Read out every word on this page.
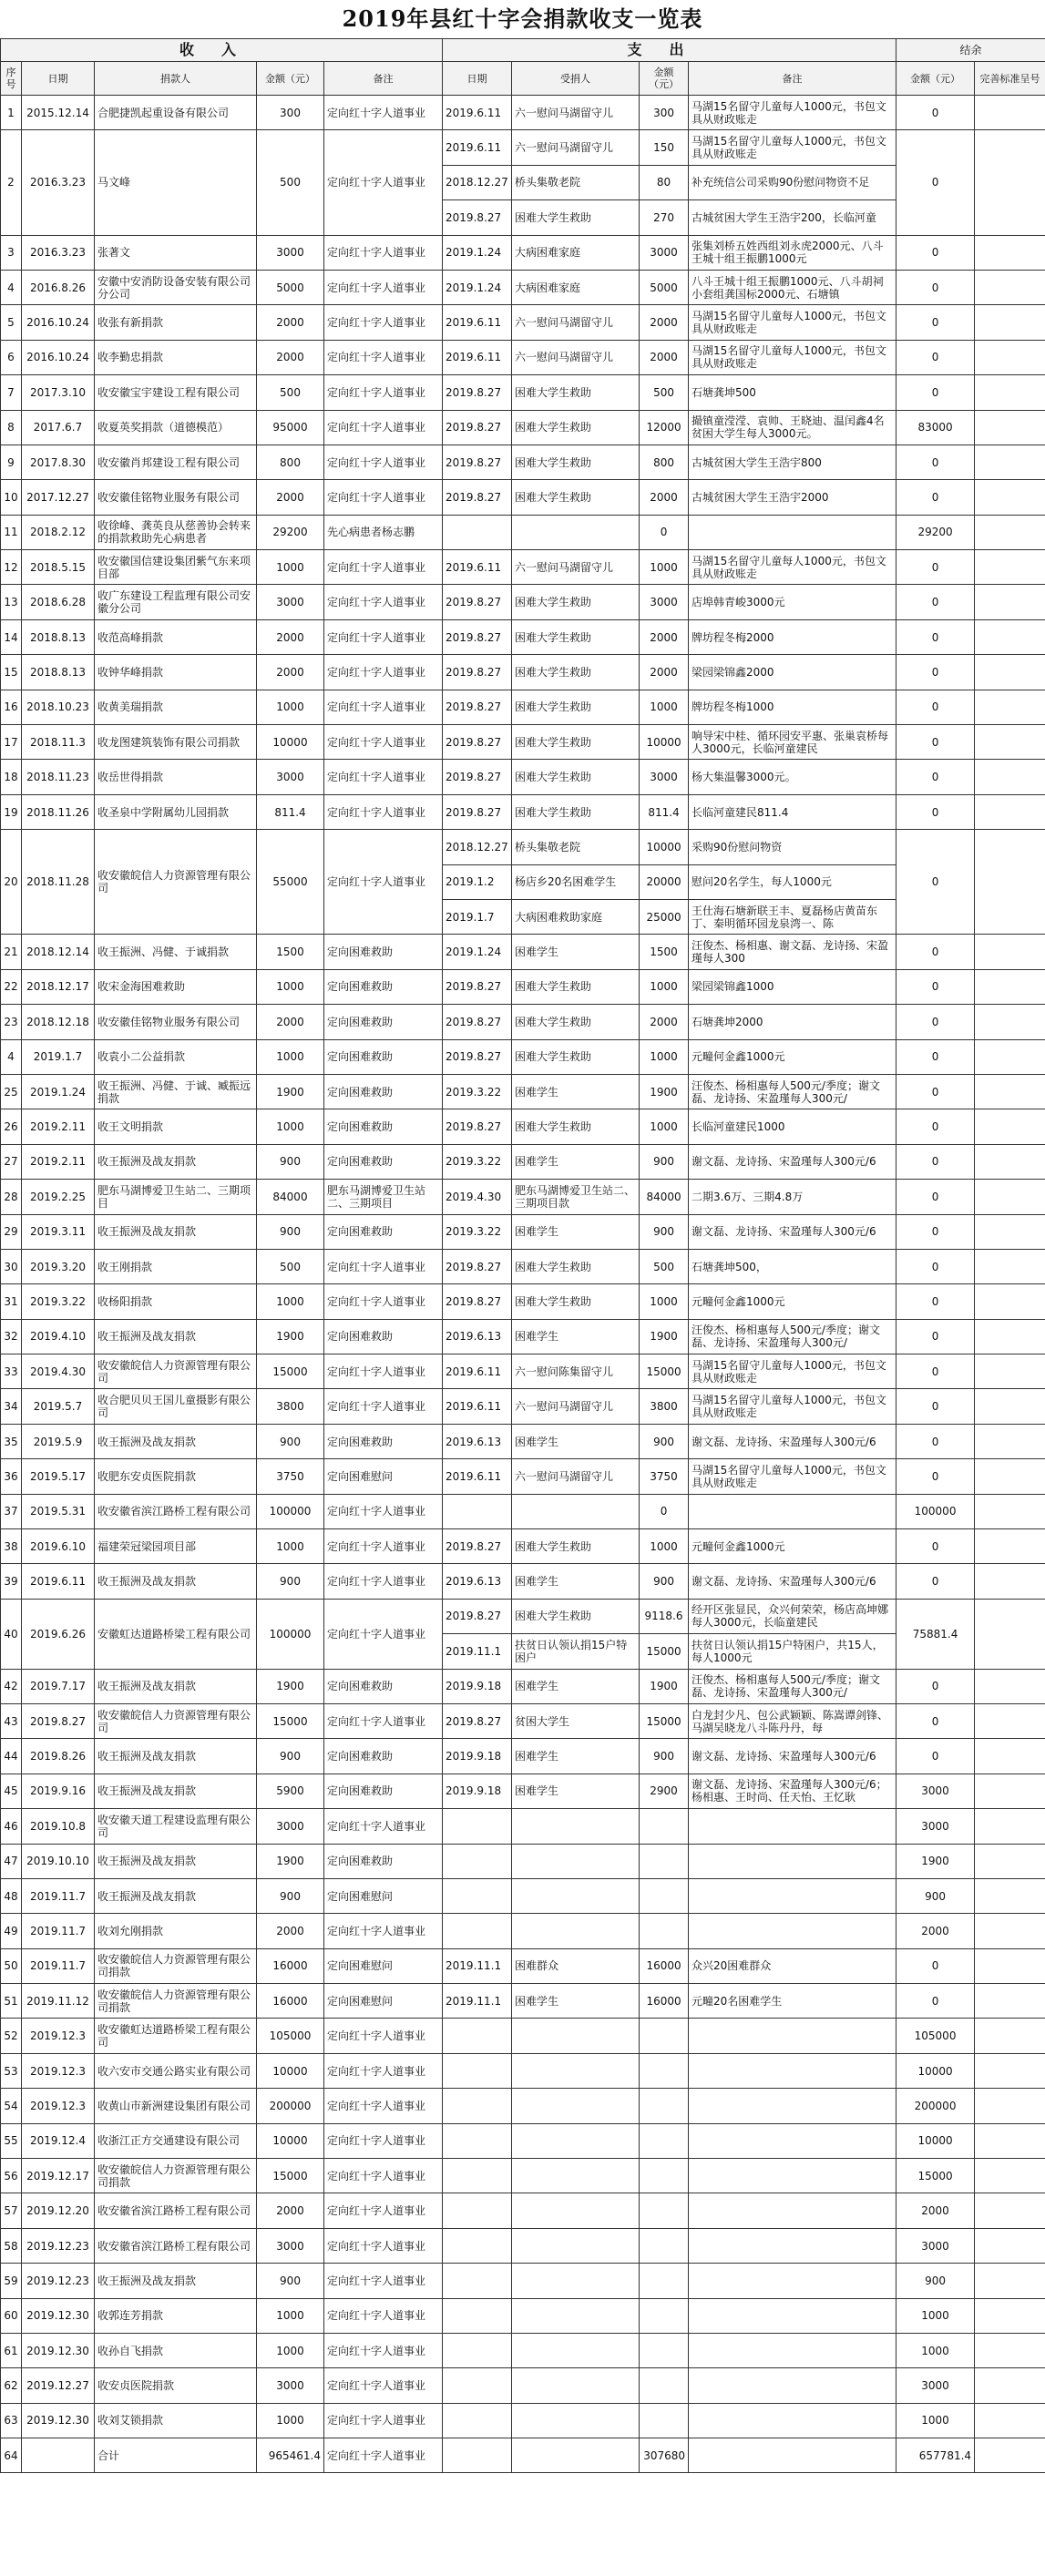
2019年县红十字会捐款收支一览表
收入					支出				结余	
序号	日期	捐款人	金额（元）	备注	日期	受捐人	金额（元）	备注	金额（元）	完善标准呈号
1	2015.12.14	合肥捷凯起重设备有限公司	300	定向红十字人道事业	2019.6.11	六一慰问马湖留守儿	300	马湖15名留守儿童每人1000元，书包文具从财政账走	0	
2	2016.3.23	马文峰	500	定向红十字人道事业	2019.6.11	六一慰问马湖留守儿	150	马湖15名留守儿童每人1000元，书包文具从财政账走	0	
					2018.12.27	桥头集敬老院	80	补充统信公司采购90份慰问物资不足		
					2019.8.27	困难大学生救助	270	古城贫困大学生王浩宇200，长临河童		
3	2016.3.23	张著文	3000	定向红十字人道事业	2019.1.24	大病困难家庭	3000	张集刘桥五姓西组刘永虎2000元、八斗王城十组王振鹏1000元	0	
4	2016.8.26	安徽中安消防设备安装有限公司分公司	5000	定向红十字人道事业	2019.1.24	大病困难家庭	5000	八斗王城十组王振鹏1000元、八斗胡祠小套组龚国标2000元、石塘镇	0	
5	2016.10.24	收张有新捐款	2000	定向红十字人道事业	2019.6.11	六一慰问马湖留守儿	2000	马湖15名留守儿童每人1000元，书包文具从财政账走	0	
6	2016.10.24	收李勤忠捐款	2000	定向红十字人道事业	2019.6.11	六一慰问马湖留守儿	2000	马湖15名留守儿童每人1000元，书包文具从财政账走	0	
7	2017.3.10	收安徽宝宇建设工程有限公司	500	定向红十字人道事业	2019.8.27	困难大学生救助	500	石塘龚坤500	0	
8	2017.6.7	收夏英奖捐款（道德模范）	95000	定向红十字人道事业	2019.8.27	困难大学生救助	12000	撮镇童滢滢、袁帅、王晓迪、温闰鑫4名贫困大学生每人3000元。	83000	
9	2017.8.30	收安徽肖邦建设工程有限公司	800	定向红十字人道事业	2019.8.27	困难大学生救助	800	古城贫困大学生王浩宇800	0	
10	2017.12.27	收安徽佳铭物业服务有限公司	2000	定向红十字人道事业	2019.8.27	困难大学生救助	2000	古城贫困大学生王浩宇2000	0	
11	2018.2.12	收徐峰、龚英良从慈善协会转来的捐款救助先心病患者	29200	先心病患者杨志鹏			0		29200	
12	2018.5.15	收安徽国信建设集团紫气东来项目部	1000	定向红十字人道事业	2019.6.11	六一慰问马湖留守儿	1000	马湖15名留守儿童每人1000元，书包文具从财政账走	0	
13	2018.6.28	收广东建设工程监理有限公司安徽分公司	3000	定向红十字人道事业	2019.8.27	困难大学生救助	3000	店埠韩青峻3000元	0	
14	2018.8.13	收范高峰捐款	2000	定向红十字人道事业	2019.8.27	困难大学生救助	2000	牌坊程冬梅2000	0	
15	2018.8.13	收钟华峰捐款	2000	定向红十字人道事业	2019.8.27	困难大学生救助	2000	梁园梁锦鑫2000	0	
16	2018.10.23	收黄美瑞捐款	1000	定向红十字人道事业	2019.8.27	困难大学生救助	1000	牌坊程冬梅1000	0	
17	2018.11.3	收龙图建筑装饰有限公司捐款	10000	定向红十字人道事业	2019.8.27	困难大学生救助	10000	响导宋中桂、循环园安平惠、张巢袁桥每人3000元，长临河童建民	0	
18	2018.11.23	收岳世得捐款	3000	定向红十字人道事业	2019.8.27	困难大学生救助	3000	杨大集温馨3000元。	0	
19	2018.11.26	收圣泉中学附属幼儿园捐款	811.4	定向红十字人道事业	2019.8.27	困难大学生救助	811.4	长临河童建民811.4	0	
20	2018.11.28	收安徽皖信人力资源管理有限公司	55000	定向红十字人道事业	2018.12.27	桥头集敬老院	10000	采购90份慰问物资	0	
					2019.1.2	杨店乡20名困难学生	20000	慰问20名学生，每人1000元		
					2019.1.7	大病困难救助家庭	25000	王仕海石塘新联王丰、夏磊杨店黄苗东丁、秦明循环园龙泉湾一、陈		
21	2018.12.14	收王振洲、冯健、于诚捐款	1500	定向困难救助	2019.1.24	困难学生	1500	汪俊杰、杨相惠、谢文磊、龙诗扬、宋盈瑾每人300	0	
22	2018.12.17	收宋金海困难救助	1000	定向困难救助	2019.8.27	困难大学生救助	1000	梁园梁锦鑫1000	0	
23	2018.12.18	收安徽佳铭物业服务有限公司	2000	定向困难救助	2019.8.27	困难大学生救助	2000	石塘龚坤2000	0	
4	2019.1.7	收袁小二公益捐款	1000	定向困难救助	2019.8.27	困难大学生救助	1000	元疃何金鑫1000元	0	
25	2019.1.24	收王振洲、冯健、于诚、臧振远捐款	1900	定向困难救助	2019.3.22	困难学生	1900	汪俊杰、杨相惠每人500元/季度；谢文磊、龙诗扬、宋盈瑾每人300元/	0	
26	2019.2.11	收王文明捐款	1000	定向困难救助	2019.8.27	困难大学生救助	1000	长临河童建民1000	0	
27	2019.2.11	收王振洲及战友捐款	900	定向困难救助	2019.3.22	困难学生	900	谢文磊、龙诗扬、宋盈瑾每人300元/6	0	
28	2019.2.25	肥东马湖博爱卫生站二、三期项目	84000	肥东马湖博爱卫生站二、三期项目	2019.4.30	肥东马湖博爱卫生站二、三期项目款	84000	二期3.6万、三期4.8万	0	
29	2019.3.11	收王振洲及战友捐款	900	定向困难救助	2019.3.22	困难学生	900	谢文磊、龙诗扬、宋盈瑾每人300元/6	0	
30	2019.3.20	收王刚捐款	500	定向红十字人道事业	2019.8.27	困难大学生救助	500	石塘龚坤500，	0	
31	2019.3.22	收杨阳捐款	1000	定向红十字人道事业	2019.8.27	困难大学生救助	1000	元疃何金鑫1000元	0	
32	2019.4.10	收王振洲及战友捐款	1900	定向困难救助	2019.6.13	困难学生	1900	汪俊杰、杨相惠每人500元/季度；谢文磊、龙诗扬、宋盈瑾每人300元/	0	
33	2019.4.30	收安徽皖信人力资源管理有限公司	15000	定向红十字人道事业	2019.6.11	六一慰问陈集留守儿	15000	马湖15名留守儿童每人1000元，书包文具从财政账走	0	
34	2019.5.7	收合肥贝贝王国儿童摄影有限公司	3800	定向红十字人道事业	2019.6.11	六一慰问马湖留守儿	3800	马湖15名留守儿童每人1000元，书包文具从财政账走	0	
35	2019.5.9	收王振洲及战友捐款	900	定向困难救助	2019.6.13	困难学生	900	谢文磊、龙诗扬、宋盈瑾每人300元/6	0	
36	2019.5.17	收肥东安贞医院捐款	3750	定向困难慰问	2019.6.11	六一慰问马湖留守儿	3750	马湖15名留守儿童每人1000元，书包文具从财政账走	0	
37	2019.5.31	收安徽省滨江路桥工程有限公司	100000	定向红十字人道事业			0		100000	
38	2019.6.10	福建荣冠梁园项目部	1000	定向红十字人道事业	2019.8.27	困难大学生救助	1000	元疃何金鑫1000元	0	
39	2019.6.11	收王振洲及战友捐款	900	定向红十字人道事业	2019.6.13	困难学生	900	谢文磊、龙诗扬、宋盈瑾每人300元/6	0	
40	2019.6.26	安徽虹达道路桥梁工程有限公司	100000	定向红十字人道事业	2019.8.27	困难大学生救助	9118.6	经开区张显民，众兴何荣荣，杨店高坤娜每人3000元，长临童建民	75881.4	
					2019.11.1	扶贫日认领认捐15户特困户	15000	扶贫日认领认捐15户特困户，共15人，每人1000元		
42	2019.7.17	收王振洲及战友捐款	1900	定向困难救助	2019.9.18	困难学生	1900	汪俊杰、杨相惠每人500元/季度；谢文磊、龙诗扬、宋盈瑾每人300元/	0	
43	2019.8.27	收安徽皖信人力资源管理有限公司	15000	定向红十字人道事业	2019.8.27	贫困大学生	15000	白龙封少凡、包公武颖颖、陈嵩谭剑锋、马湖吴晓龙八斗陈丹丹，每	0	
44	2019.8.26	收王振洲及战友捐款	900	定向困难救助	2019.9.18	困难学生	900	谢文磊、龙诗扬、宋盈瑾每人300元/6	0	
45	2019.9.16	收王振洲及战友捐款	5900	定向困难救助	2019.9.18	困难学生	2900	谢文磊、龙诗扬、宋盈瑾每人300元/6；杨相惠、王时尚、任天怡、王忆耿	3000	
46	2019.10.8	收安徽天道工程建设监理有限公司	3000	定向红十字人道事业					3000	
47	2019.10.10	收王振洲及战友捐款	1900	定向困难救助					1900	
48	2019.11.7	收王振洲及战友捐款	900	定向困难慰问					900	
49	2019.11.7	收刘允刚捐款	2000	定向红十字人道事业					2000	
50	2019.11.7	收安徽皖信人力资源管理有限公司捐款	16000	定向困难慰问	2019.11.1	困难群众	16000	众兴20困难群众	0	
51	2019.11.12	收安徽皖信人力资源管理有限公司捐款	16000	定向困难慰问	2019.11.1	困难学生	16000	元疃20名困难学生	0	
52	2019.12.3	收安徽虹达道路桥梁工程有限公司	105000	定向红十字人道事业					105000	
53	2019.12.3	收六安市交通公路实业有限公司	10000	定向红十字人道事业					10000	
54	2019.12.3	收黄山市新洲建设集团有限公司	200000	定向红十字人道事业					200000	
55	2019.12.4	收浙江正方交通建设有限公司	10000	定向红十字人道事业					10000	
56	2019.12.17	收安徽皖信人力资源管理有限公司捐款	15000	定向红十字人道事业					15000	
57	2019.12.20	收安徽省滨江路桥工程有限公司	2000	定向红十字人道事业					2000	
58	2019.12.23	收安徽省滨江路桥工程有限公司	3000	定向红十字人道事业					3000	
59	2019.12.23	收王振洲及战友捐款	900	定向红十字人道事业					900	
60	2019.12.30	收郭连芳捐款	1000	定向红十字人道事业					1000	
61	2019.12.30	收孙自飞捐款	1000	定向红十字人道事业					1000	
62	2019.12.27	收安贞医院捐款	3000	定向红十字人道事业					3000	
63	2019.12.30	收刘艾锁捐款	1000	定向红十字人道事业					1000	
64		合计	965461.4	定向红十字人道事业			307680		657781.4	
